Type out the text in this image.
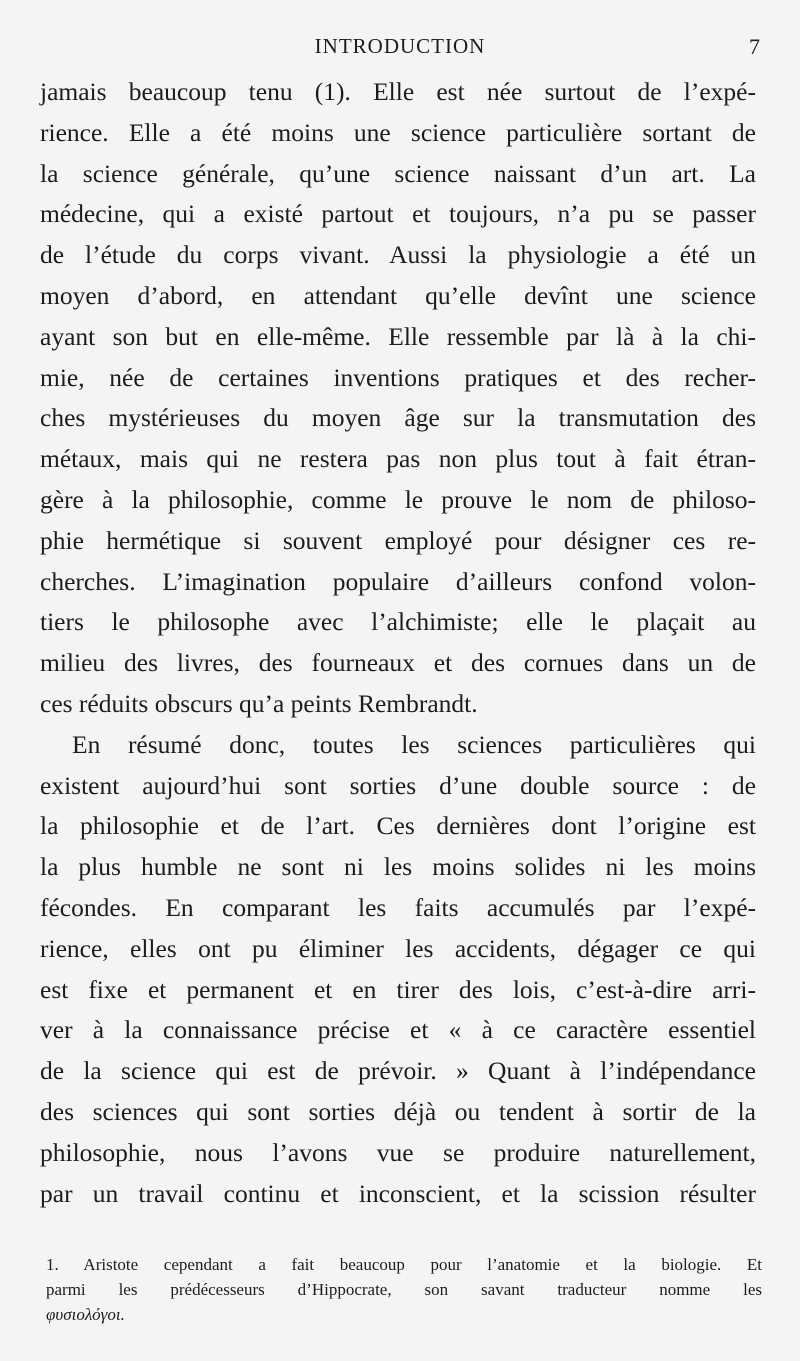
INTRODUCTION	7
jamais beaucoup tenu (1). Elle est née surtout de l’expé-
rience. Elle a été moins une science particulière sortant de
la science générale, qu’une science naissant d’un art. La
médecine, qui a existé partout et toujours, n’a pu se passer
de l’étude du corps vivant. Aussi la physiologie a été un
moyen d’abord, en attendant qu’elle devînt une science
ayant son but en elle-même. Elle ressemble par là à la chi-
mie, née de certaines inventions pratiques et des recher-
ches mystérieuses du moyen âge sur la transmutation des
métaux, mais qui ne restera pas non plus tout à fait étran-
gère à la philosophie, comme le prouve le nom de philoso-
phie hermétique si souvent employé pour désigner ces re-
cherches. L’imagination populaire d’ailleurs confond volon-
tiers le philosophe avec l’alchimiste; elle le plaçait au
milieu des livres, des fourneaux et des cornues dans un de
ces réduits obscurs qu’a peints Rembrandt.
En résumé donc, toutes les sciences particulières qui
existent aujourd’hui sont sorties d’une double source : de
la philosophie et de l’art. Ces dernières dont l’origine est
la plus humble ne sont ni les moins solides ni les moins
fécondes. En comparant les faits accumulés par l’expé-
rience, elles ont pu éliminer les accidents, dégager ce qui
est fixe et permanent et en tirer des lois, c’est-à-dire arri-
ver à la connaissance précise et « à ce caractère essentiel
de la science qui est de prévoir. » Quant à l’indépendance
des sciences qui sont sorties déjà ou tendent à sortir de la
philosophie, nous l’avons vue se produire naturellement,
par un travail continu et inconscient, et la scission résulter
1. Aristote cependant a fait beaucoup pour l’anatomie et la biologie. Et
parmi les prédécesseurs d’Hippocrate, son savant traducteur nomme les
φυσιολόγοι.
